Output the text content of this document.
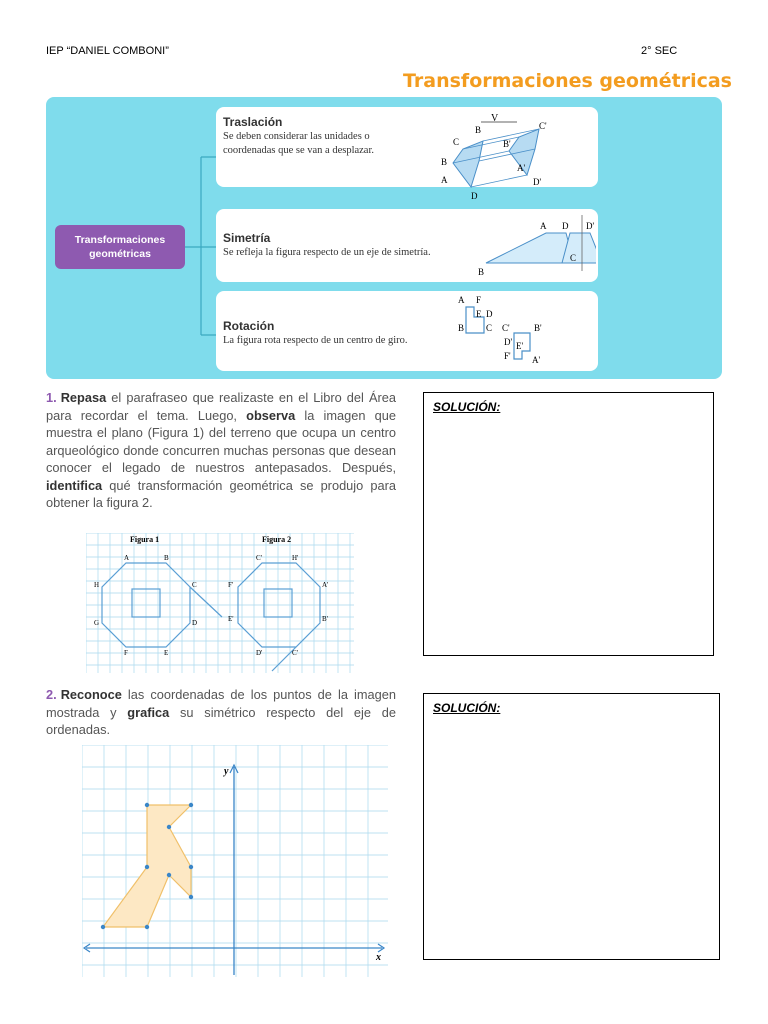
IEP “DANIEL COMBONI”	2° SEC
Transformaciones geométricas
Transformaciones geométricas
Traslación
Se deben considerar las unidades o coordenadas que se van a desplazar.
V
B
C
B
A
D
B'
C'
A'
D'
Simetría
Se refleja la figura respecto de un eje de simetría.
B
A D
C
D'
Rotación
La figura rota respecto de un centro de giro.
A F
E D
B C C'	B'
D' E'
F' A'
1. Repasa el parafraseo que realizaste en el Libro del Área para recordar el tema. Luego, observa la imagen que muestra el plano (Figura 1) del terreno que ocupa un centro arqueológico donde concurren muchas personas que desean conocer el legado de nuestros antepasados. Después, identifica qué transformación geométrica se produjo para obtener la figura 2.
Figura 1	Figura 2
A	B
C
D
E
F
G
H
C'	H'
A'
B'
C'
D'
E'
F'
SOLUCIÓN:
2. Reconoce las coordenadas de los puntos de la imagen mostrada y grafica su simétrico respecto del eje de ordenadas.
y
x
SOLUCIÓN:
